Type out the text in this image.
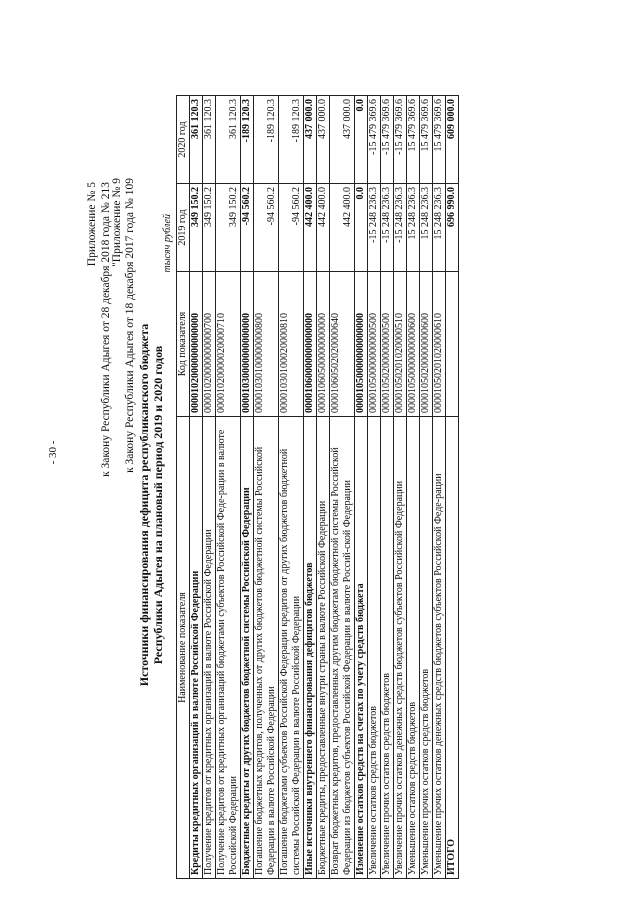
- 30 -
Приложение № 5 к Закону Республики Адыгея от 28 декабря 2018 года № 213 "Приложение № 9 к Закону Республики Адыгея от 18 декабря 2017 года № 109 Источники финансирования дефицита республиканского бюджета Республики Адыгея на плановый период 2019 и 2020 годов
тысяч рублей
Наименование показателя	Код показателя	2019 год	2020 год
Кредиты кредитных организаций в валюте Российской Федерации	00001020000000000000	349 150.2	361 120.3
Получение кредитов от кредитных организаций в валюте Российской Федерации	00001020000000000700	349 150.2	361 120.3
Получение кредитов от кредитных организаций бюджетами субъектов Российской Феде-рации в валюте Российской Федерации	00001020000020000710	349 150.2	361 120.3
Бюджетные кредиты от других бюджетов бюджетной системы Российской Федерации	00001030000000000000	-94 560.2	-189 120.3
Погашение бюджетных кредитов, полученных от других бюджетов бюджетной системы Российской Федерации в валюте Российской Федерации	00001030100000000800	-94 560.2	-189 120.3
Погашение бюджетами субъектов Российской Федерации кредитов от других бюджетов бюджетной системы Российской Федерации в валюте Российской Федерации	00001030100020000810	-94 560.2	-189 120.3
Иные источники внутреннего финансирования дефицитов бюджетов	00001060000000000000	442 400.0	437 000.0
Бюджетные кредиты, предоставленные внутри страны в валюте Российской Федерации	00001060500000000000	442 400.0	437 000.0
Возврат бюджетных кредитов, предоставленных другим бюджетам бюджетной системы Российской Федерации из бюджетов субъектов Российской Федерации в валюте Россий-ской Федерации	00001060502020000640	442 400.0	437 000.0
Изменение остатков средств на счетах по учету средств бюджета	00001050000000000000	0.0	0.0
Увеличение остатков средств бюджетов	00001050000000000500	-15 248 236.3	-15 479 369.6
Увеличение прочих остатков средств бюджетов	00001050200000000500	-15 248 236.3	-15 479 369.6
Увеличение прочих остатков денежных средств бюджетов субъектов Российской Федерации	00001050201020000510	-15 248 236.3	-15 479 369.6
Уменьшение остатков средств бюджетов	00001050000000000600	15 248 236.3	15 479 369.6
Уменьшение прочих остатков средств бюджетов	00001050200000000600	15 248 236.3	15 479 369.6
Уменьшение прочих остатков денежных средств бюджетов субъектов Российской Феде-рации	00001050201020000610	15 248 236.3	15 479 369.6
ИТОГО		696 990.0	609 000.0
